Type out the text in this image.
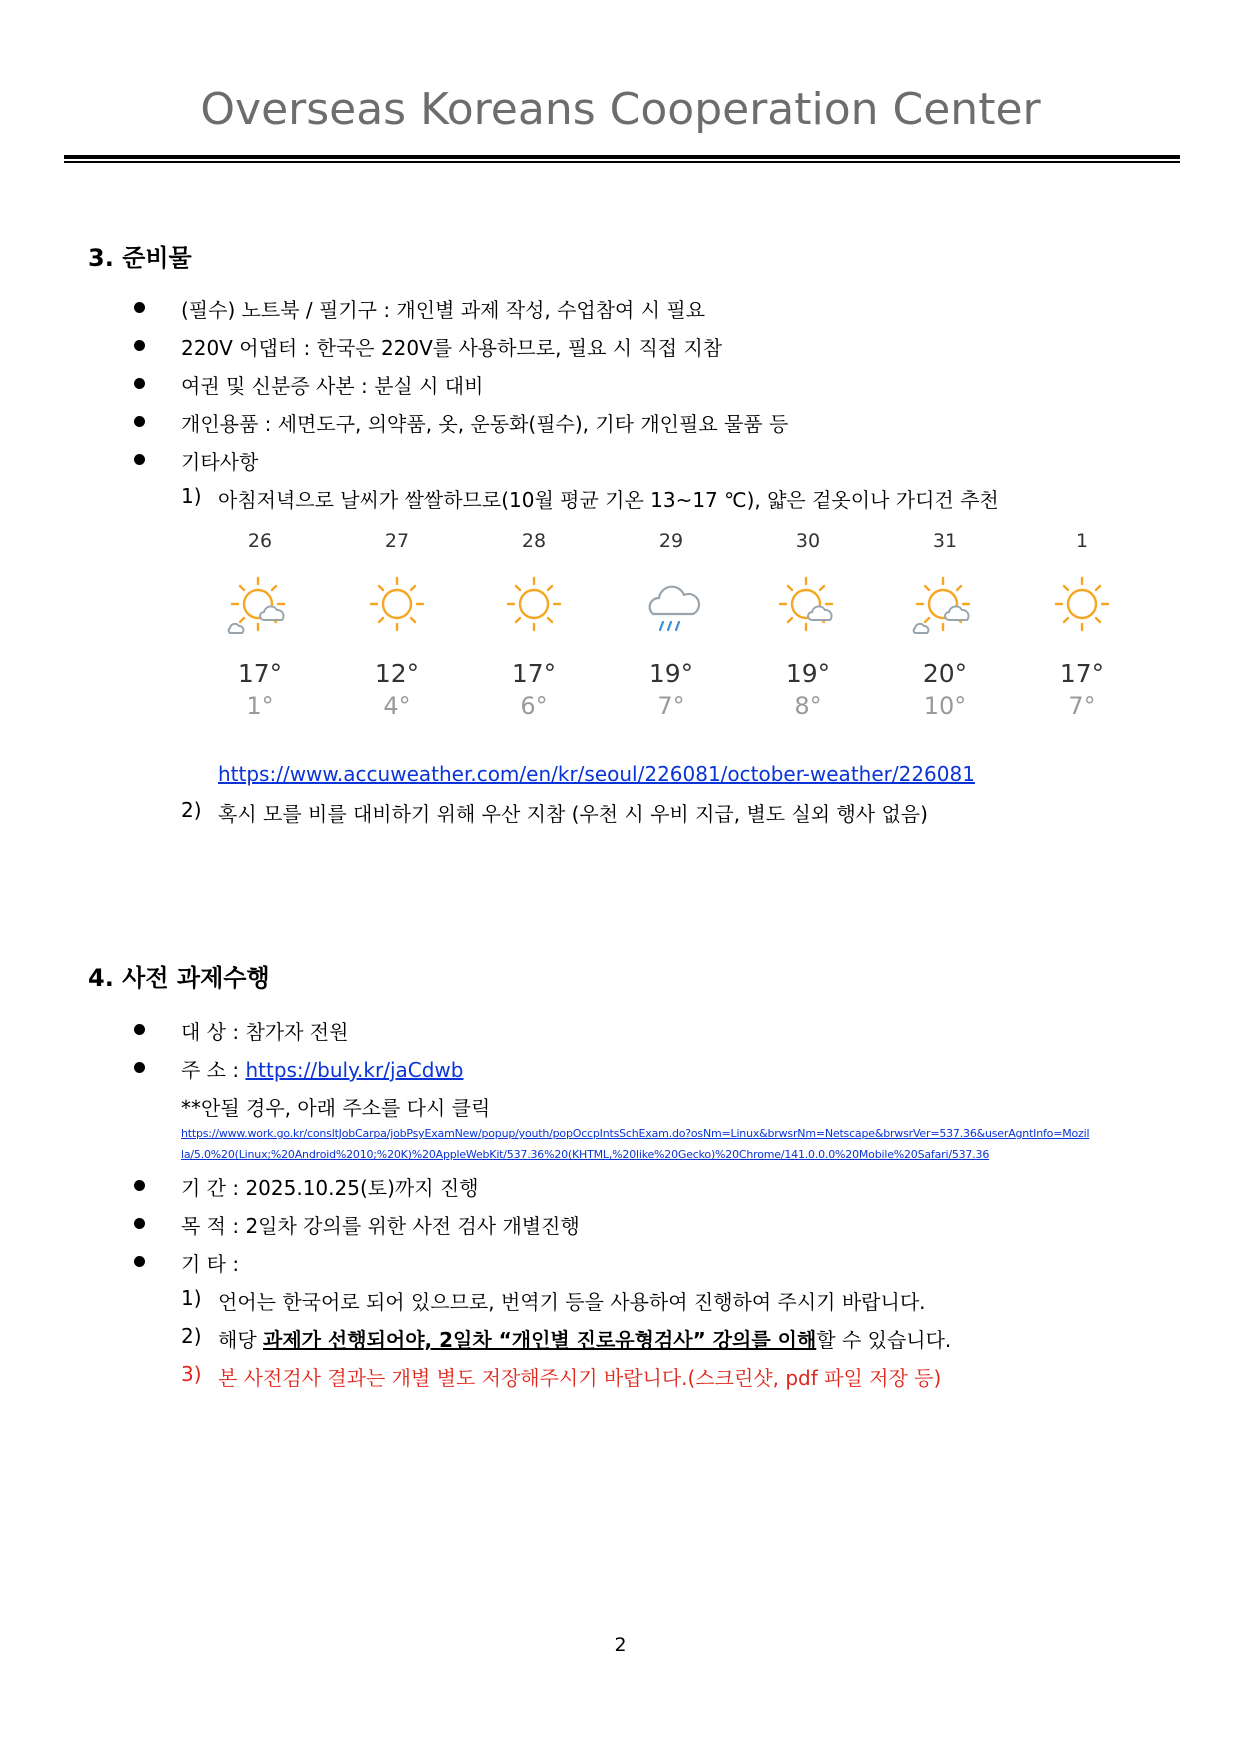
Overseas Koreans Cooperation Center
3. 준비물
(필수) 노트북 / 필기구 : 개인별 과제 작성, 수업참여 시 필요
220V 어댑터 : 한국은 220V를 사용하므로, 필요 시 직접 지참
여권 및 신분증 사본 : 분실 시 대비
개인용품 : 세면도구, 의약품, 옷, 운동화(필수), 기타 개인필요 물품 등
기타사항
1) 아침저녁으로 날씨가 쌀쌀하므로(10월 평균 기온 13~17 ℃), 얇은 겉옷이나 가디건 추천
26
17°
1°
27
12°
4°
28
17°
6°
29
19°
7°
30
19°
8°
31
20°
10°
1
17°
7°
https://www.accuweather.com/en/kr/seoul/226081/october-weather/226081
2) 혹시 모를 비를 대비하기 위해 우산 지참 (우천 시 우비 지급, 별도 실외 행사 없음)
4. 사전 과제수행
대 상 : 참가자 전원
주 소 : https://buly.kr/jaCdwb
**안될 경우, 아래 주소를 다시 클릭
https://www.work.go.kr/consltJobCarpa/jobPsyExamNew/popup/youth/popOccpIntsSchExam.do?osNm=Linux&brwsrNm=Netscape&brwsrVer=537.36&userAgntInfo=Mozil
la/5.0%20(Linux;%20Android%2010;%20K)%20AppleWebKit/537.36%20(KHTML,%20like%20Gecko)%20Chrome/141.0.0.0%20Mobile%20Safari/537.36
기 간 : 2025.10.25(토)까지 진행
목 적 : 2일차 강의를 위한 사전 검사 개별진행
기 타 :
1) 언어는 한국어로 되어 있으므로, 번역기 등을 사용하여 진행하여 주시기 바랍니다.
2) 해당 과제가 선행되어야, 2일차 “개인별 진로유형검사” 강의를 이해할 수 있습니다.
3) 본 사전검사 결과는 개별 별도 저장해주시기 바랍니다.(스크린샷, pdf 파일 저장 등)
2
